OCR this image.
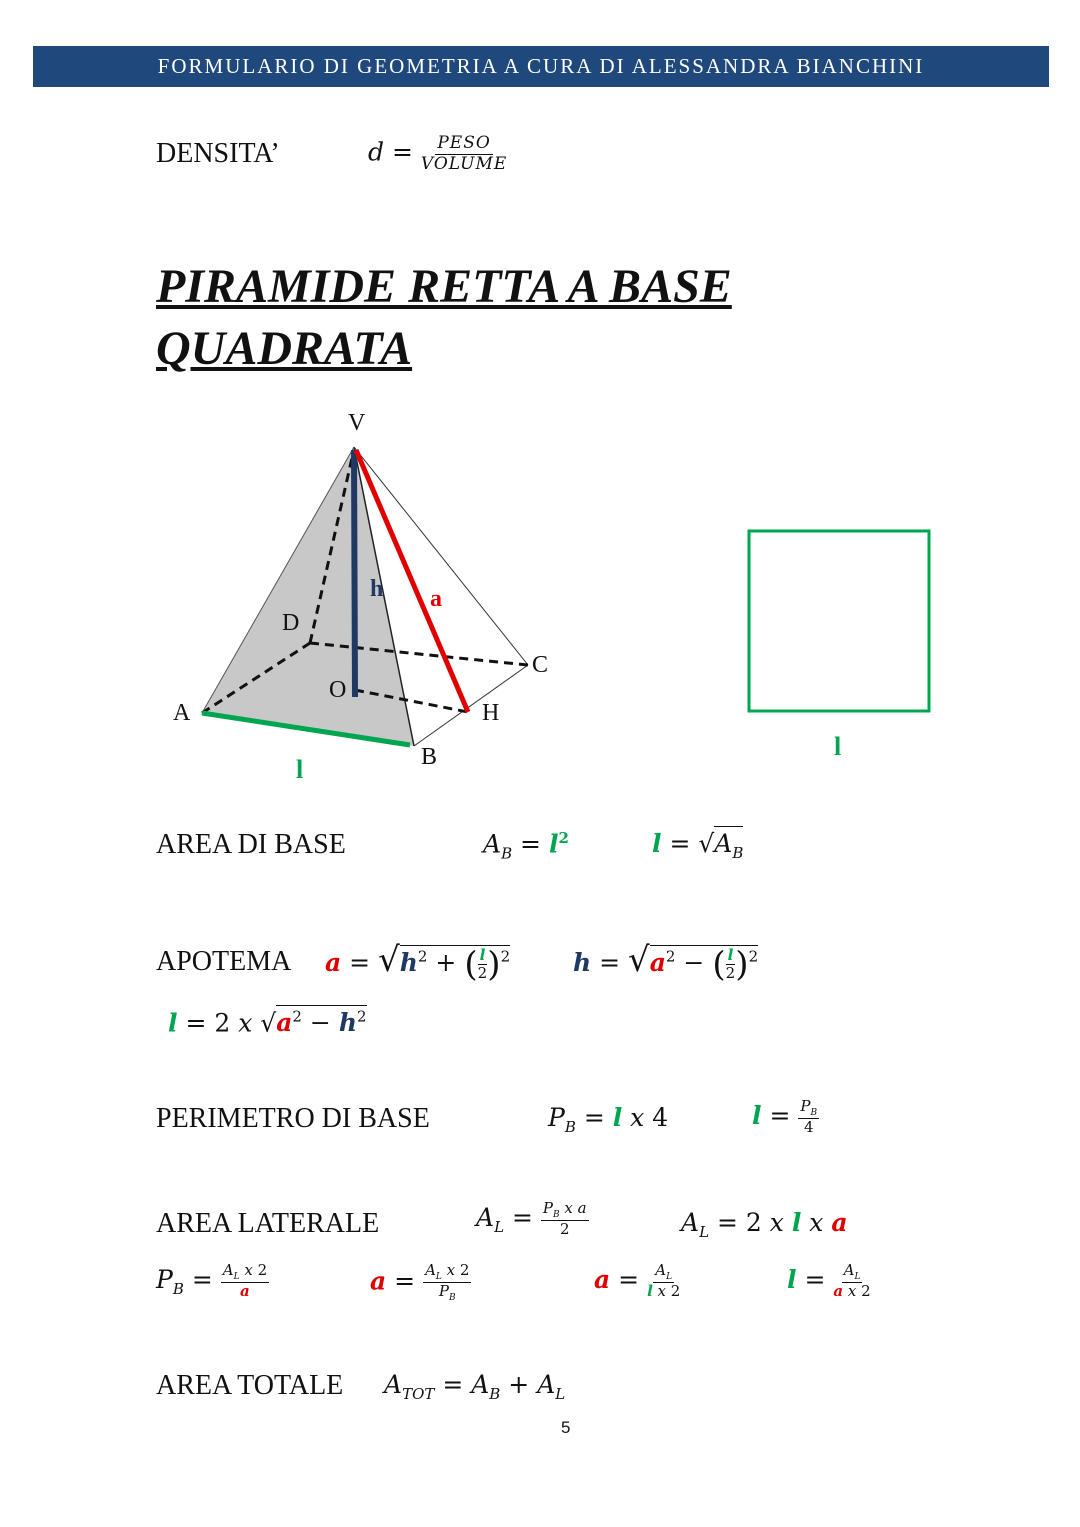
FORMULARIO DI GEOMETRIA A CURA DI ALESSANDRA BIANCHINI
DENSITA’	$d = \frac{\text{PESO}}{\text{VOLUME}}$
PIRAMIDE RETTA A BASE
QUADRATA
V
D
C
O
A	H
B
h a
l
l
AREA DI BASE	$A_B = l^2$	$l = √A_B$
APOTEMA $a = √h^2$ + ( $\frac{l}{2} )^2$	$h = √a^2$ − ( $\frac{l}{2} )^2$
l = 2 x $√a^2 - h^2$
PERIMETRO DI BASE	$P_B = l$ x 4	$l = \frac{P_B}{4}$
AREA LATERALE	$A_L = \frac{P_B x a}{2}$	$A_L = 2$ x l x a
$P_B = \frac{A_L x 2}{a}$	$a = \frac{A_L x 2}{P_B}$	$a = \frac{A_L}{\text{l x 2}}$	$l = \frac{A_L}{\text{a x 2}}$
AREA TOTALE $A_{TOT} = A_B + A_L$
5
